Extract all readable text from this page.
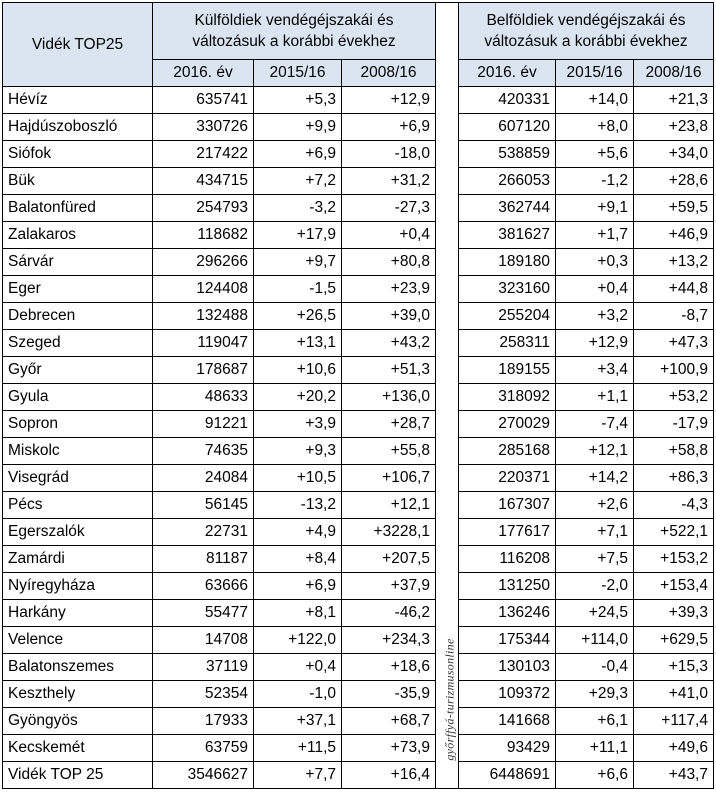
Vidék TOP25	Külföldiek vendégéjszakái és változásuk a korábbi évekhez				Belföldiek vendégéjszakái és változásuk a korábbi évekhez		
	2016. év	2015/16	2008/16		2016. év	2015/16	2008/16
Hévíz	635741	+5,3	+12,9		420331	+14,0	+21,3
Hajdúszoboszló	330726	+9,9	+6,9		607120	+8,0	+23,8
Siófok	217422	+6,9	-18,0		538859	+5,6	+34,0
Bük	434715	+7,2	+31,2		266053	-1,2	+28,6
Balatonfüred	254793	-3,2	-27,3		362744	+9,1	+59,5
Zalakaros	118682	+17,9	+0,4		381627	+1,7	+46,9
Sárvár	296266	+9,7	+80,8		189180	+0,3	+13,2
Eger	124408	-1,5	+23,9		323160	+0,4	+44,8
Debrecen	132488	+26,5	+39,0		255204	+3,2	-8,7
Szeged	119047	+13,1	+43,2		258311	+12,9	+47,3
Győr	178687	+10,6	+51,3		189155	+3,4	+100,9
Gyula	48633	+20,2	+136,0		318092	+1,1	+53,2
Sopron	91221	+3,9	+28,7		270029	-7,4	-17,9
Miskolc	74635	+9,3	+55,8		285168	+12,1	+58,8
Visegrád	24084	+10,5	+106,7		220371	+14,2	+86,3
Pécs	56145	-13,2	+12,1		167307	+2,6	-4,3
Egerszalók	22731	+4,9	+3228,1		177617	+7,1	+522,1
Zamárdi	81187	+8,4	+207,5		116208	+7,5	+153,2
Nyíregyháza	63666	+6,9	+37,9		131250	-2,0	+153,4
Harkány	55477	+8,1	-46,2		136246	+24,5	+39,3
Velence	14708	+122,0	+234,3		175344	+114,0	+629,5
Balatonszemes	37119	+0,4	+18,6		130103	-0,4	+15,3
Keszthely	52354	-1,0	-35,9		109372	+29,3	+41,0
Gyöngyös	17933	+37,1	+68,7		141668	+6,1	+117,4
Kecskemét	63759	+11,5	+73,9		93429	+11,1	+49,6
Vidék TOP 25	3546627	+7,7	+16,4		6448691	+6,6	+43,7
győrffyá-turizmusonline
